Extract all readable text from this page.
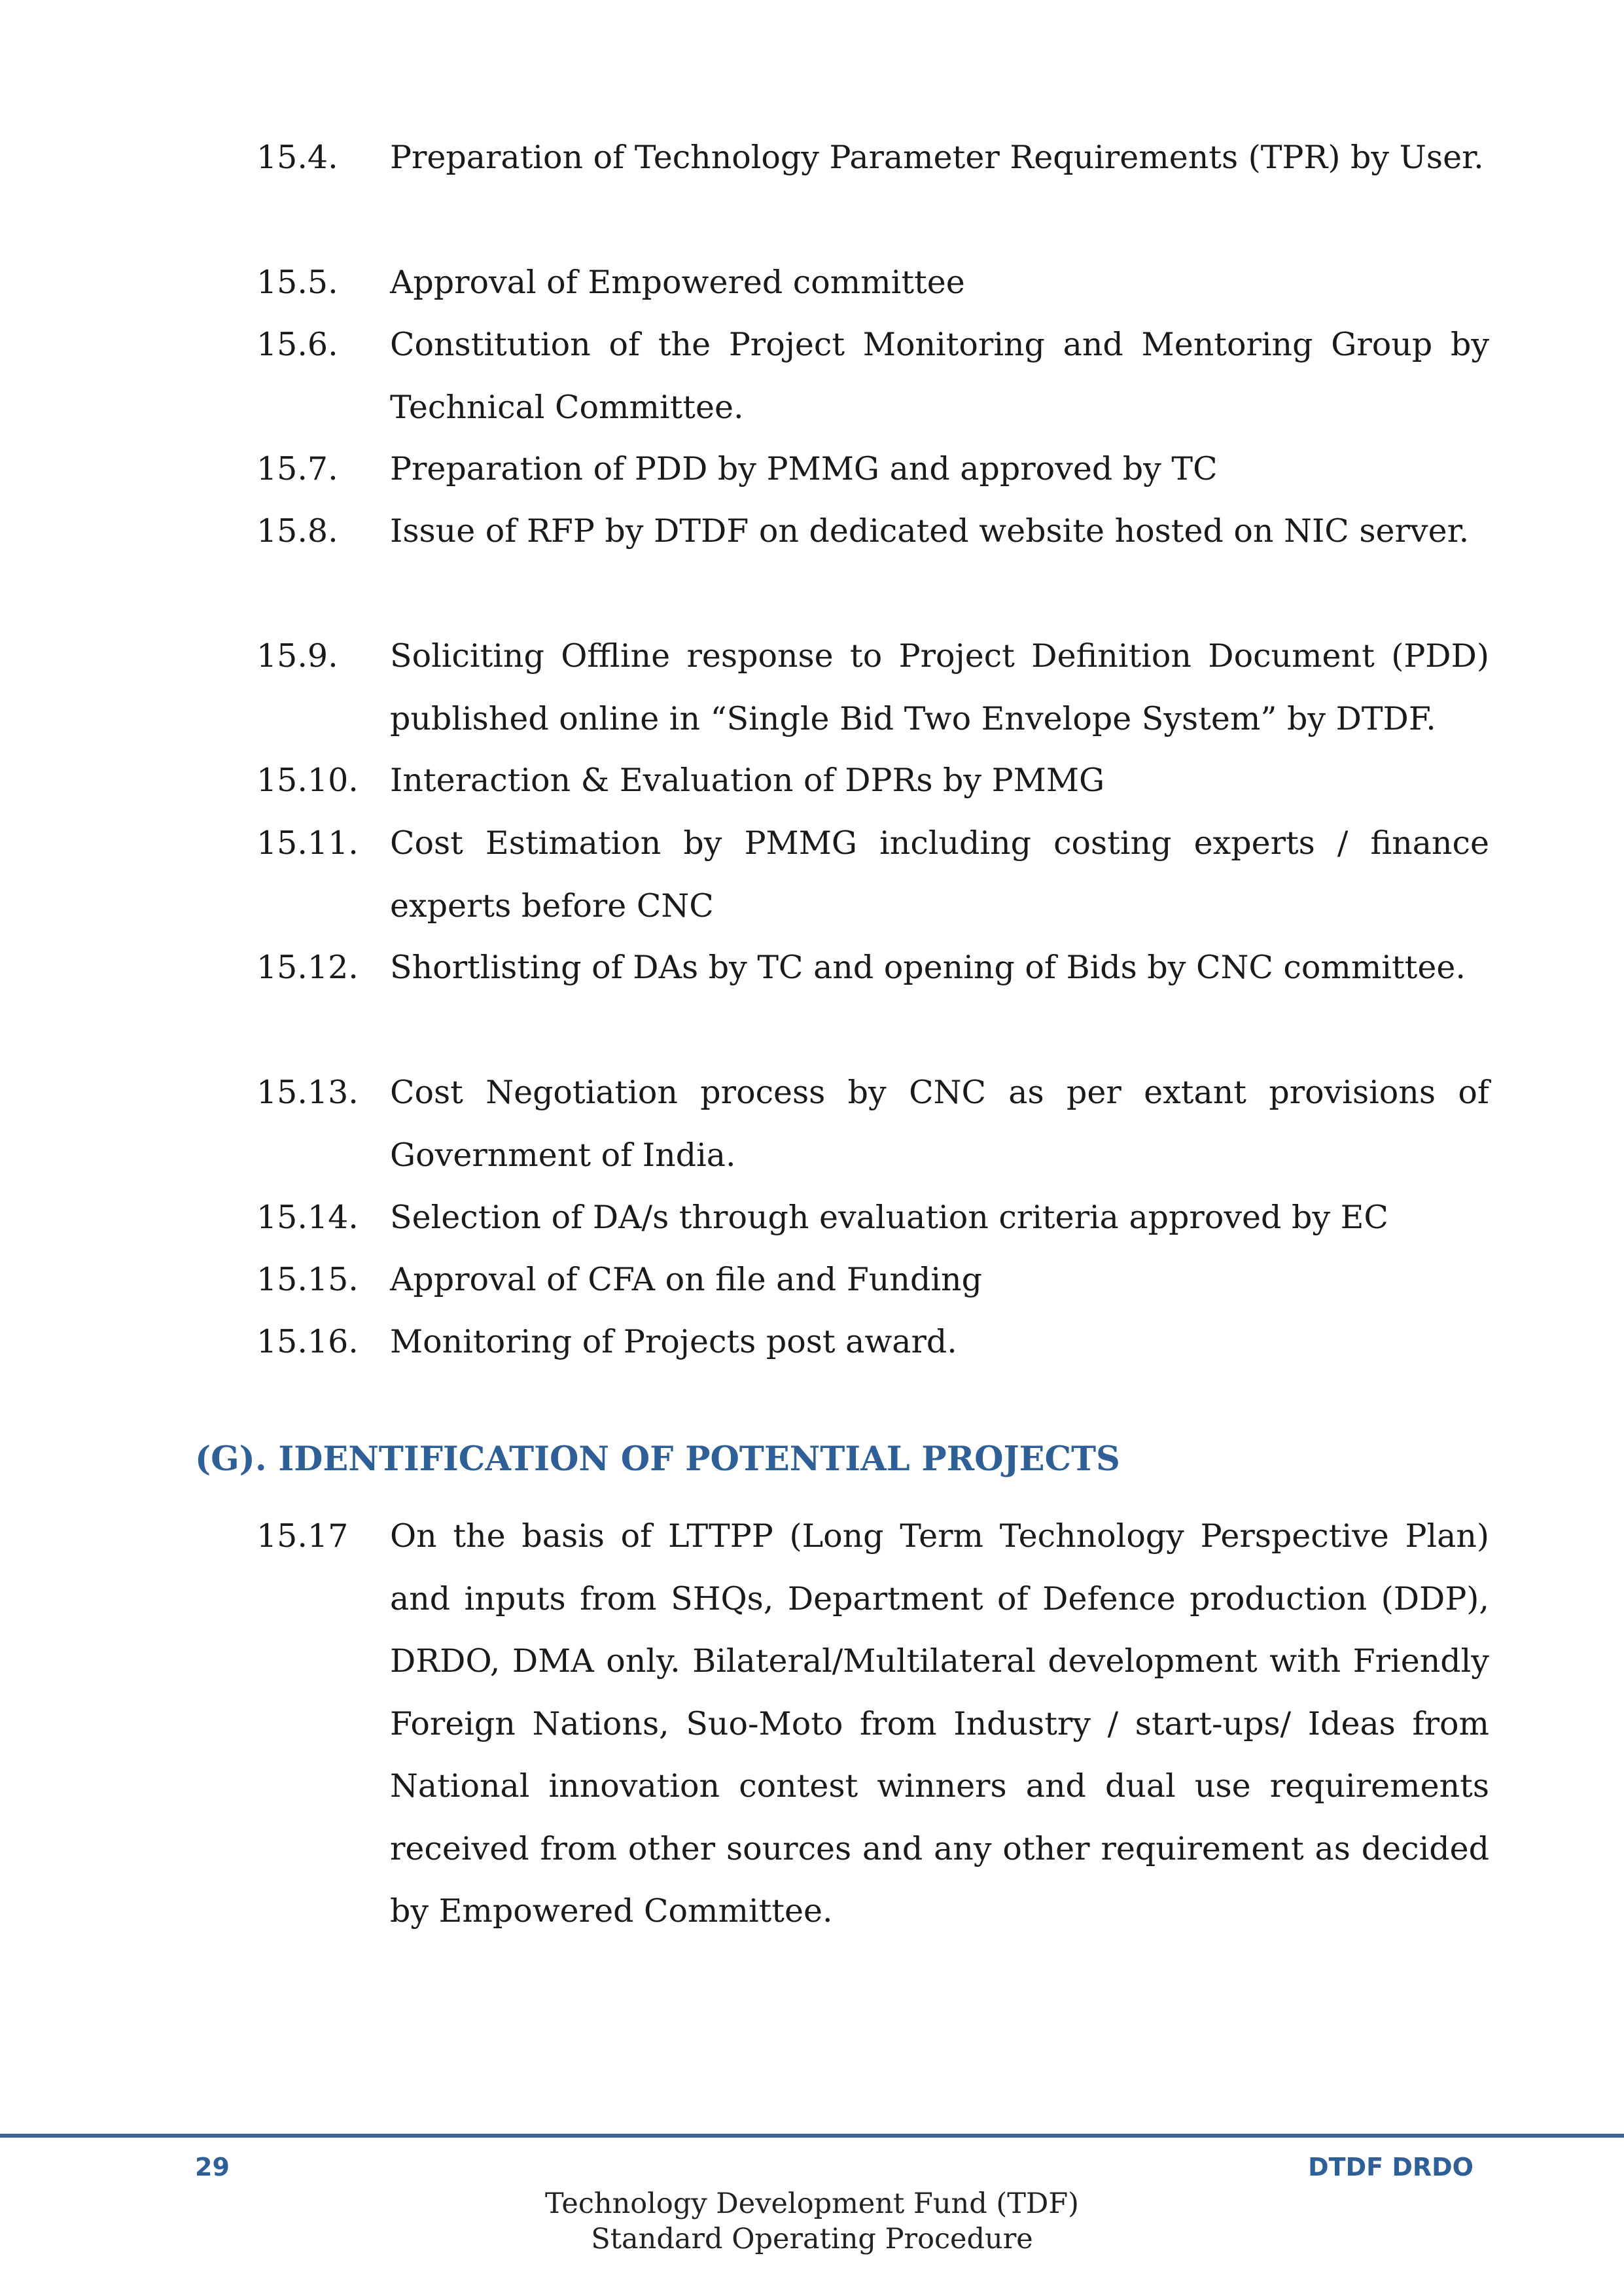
15.4. Preparation of Technology Parameter Requirements (TPR) by User.
15.5. Approval of Empowered committee
15.6. Constitution of the Project Monitoring and Mentoring Group by Technical Committee.
15.7. Preparation of PDD by PMMG and approved by TC
15.8. Issue of RFP by DTDF on dedicated website hosted on NIC server.
15.9. Soliciting Offline response to Project Definition Document (PDD) published online in “Single Bid Two Envelope System” by DTDF.
15.10. Interaction & Evaluation of DPRs by PMMG
15.11. Cost Estimation by PMMG including costing experts / finance experts before CNC
15.12. Shortlisting of DAs by TC and opening of Bids by CNC committee.
15.13. Cost Negotiation process by CNC as per extant provisions of Government of India.
15.14. Selection of DA/s through evaluation criteria approved by EC
15.15. Approval of CFA on file and Funding
15.16. Monitoring of Projects post award.
(G). IDENTIFICATION OF POTENTIAL PROJECTS
15.17 On the basis of LTTPP (Long Term Technology Perspective Plan) and inputs from SHQs, Department of Defence production (DDP), DRDO, DMA only. Bilateral/Multilateral development with Friendly Foreign Nations, Suo-Moto from Industry / start-ups/ Ideas from National innovation contest winners and dual use requirements received from other sources and any other requirement as decided by Empowered Committee.
29	DTDF DRDO
Technology Development Fund (TDF)
Standard Operating Procedure
